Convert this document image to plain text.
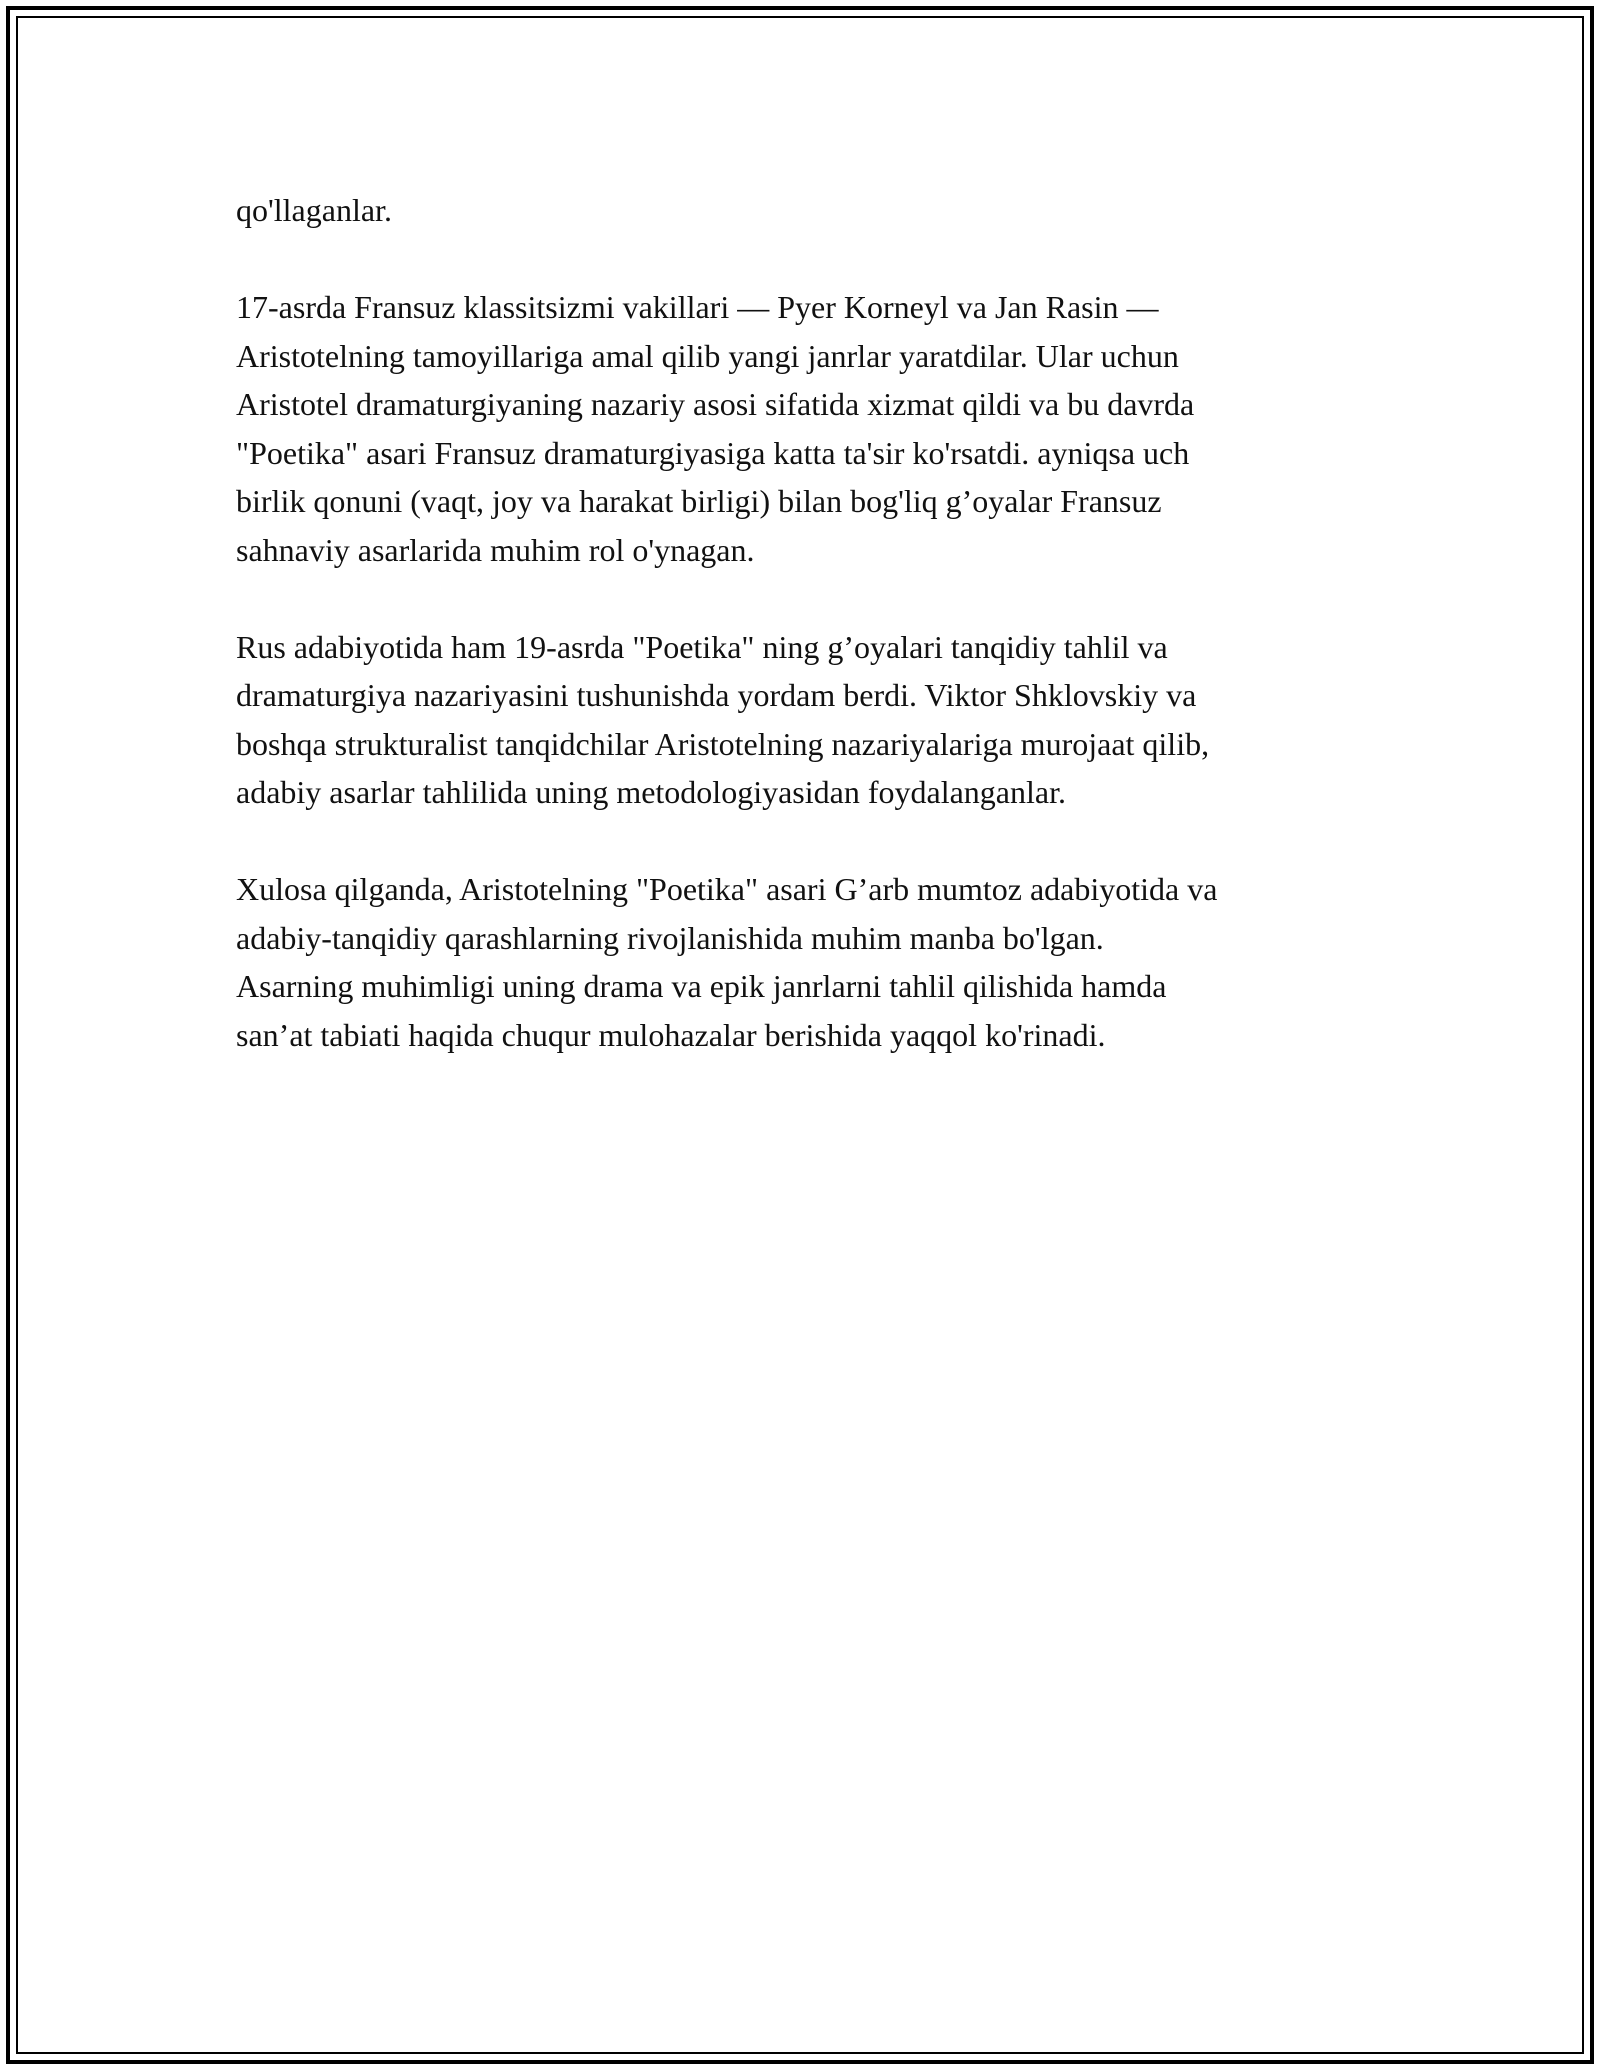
qo'llaganlar.

17-asrda Fransuz klassitsizmi vakillari — Pyer Korneyl va Jan Rasin —
Aristotelning tamoyillariga amal qilib yangi janrlar yaratdilar. Ular uchun
Aristotel dramaturgiyaning nazariy asosi sifatida xizmat qildi va bu davrda
"Poetika" asari Fransuz dramaturgiyasiga katta ta'sir ko'rsatdi. ayniqsa uch
birlik qonuni (vaqt, joy va harakat birligi) bilan bog'liq g’oyalar Fransuz
sahnaviy asarlarida muhim rol o'ynagan.

Rus adabiyotida ham 19-asrda "Poetika" ning g’oyalari tanqidiy tahlil va
dramaturgiya nazariyasini tushunishda yordam berdi. Viktor Shklovskiy va
boshqa strukturalist tanqidchilar Aristotelning nazariyalariga murojaat qilib,
adabiy asarlar tahlilida uning metodologiyasidan foydalanganlar.

Xulosa qilganda, Aristotelning "Poetika" asari G’arb mumtoz adabiyotida va
adabiy-tanqidiy qarashlarning rivojlanishida muhim manba bo'lgan.
Asarning muhimligi uning drama va epik janrlarni tahlil qilishida hamda
san’at tabiati haqida chuqur mulohazalar berishida yaqqol ko'rinadi.
